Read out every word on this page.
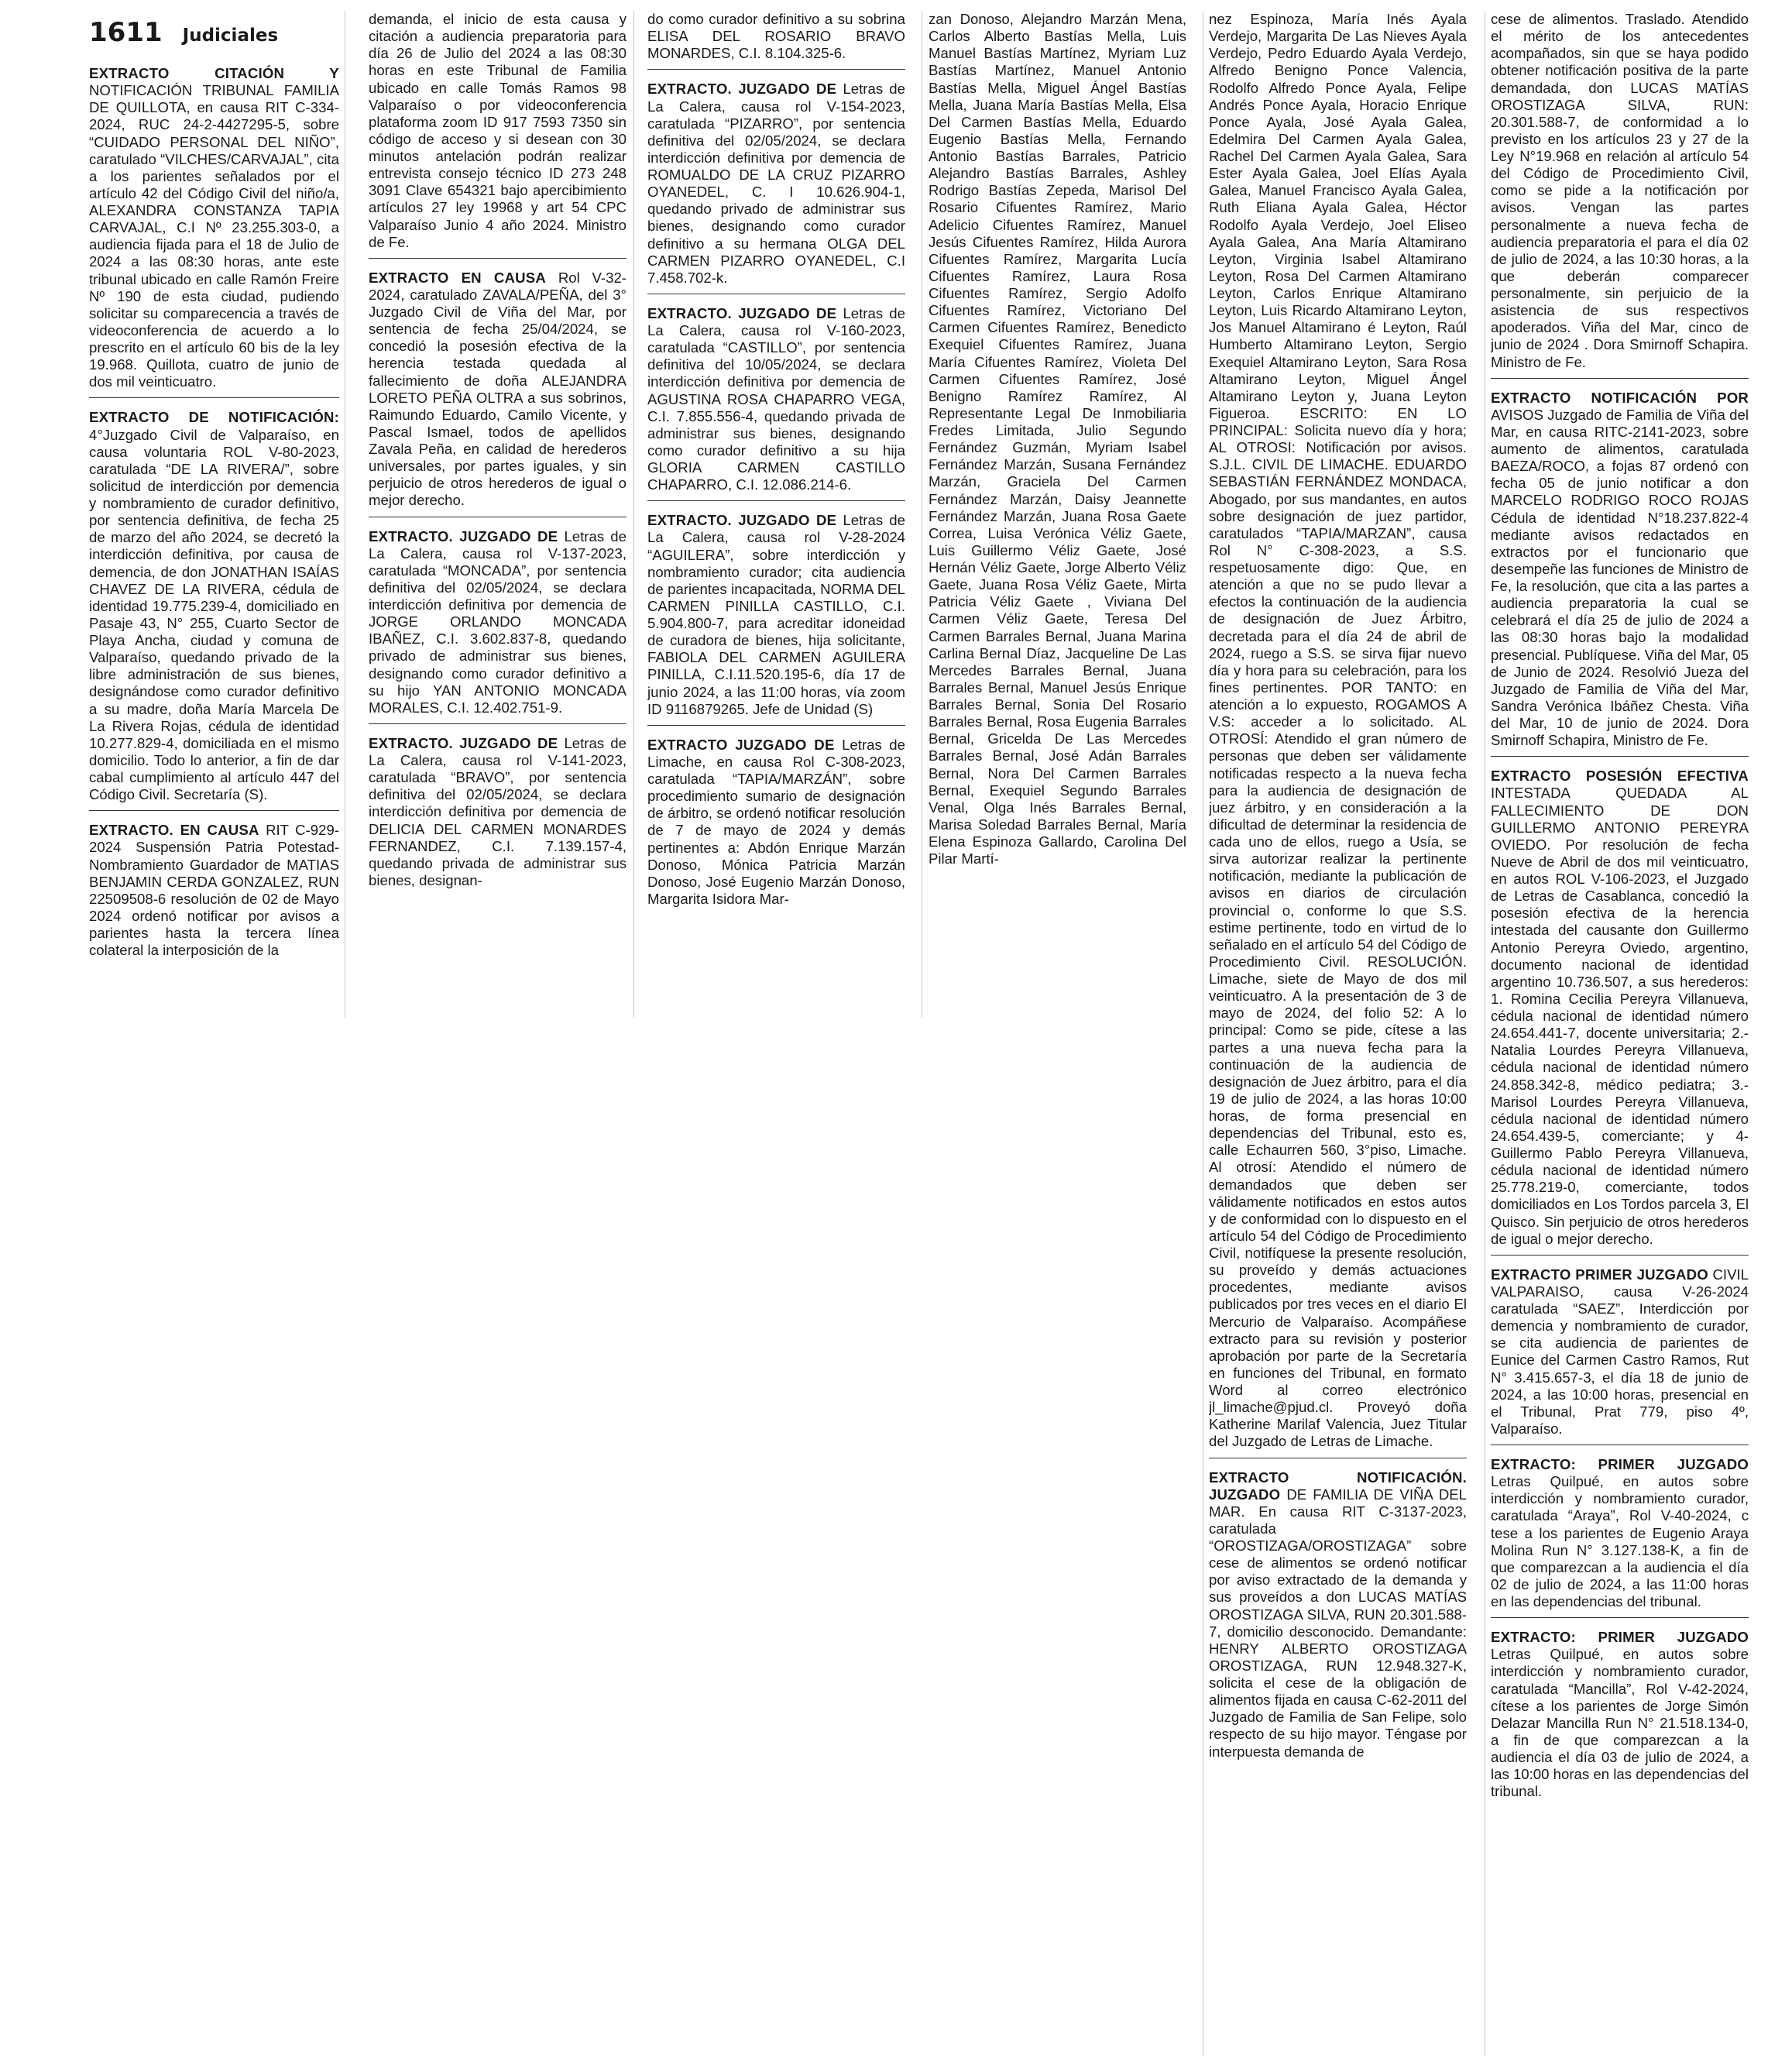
1611 Judiciales
EXTRACTO CITACIÓN Y NOTIFICACIÓN TRIBUNAL FAMILIA DE QUILLOTA, en causa RIT C-334-2024, RUC 24-2-4427295-5, sobre “CUIDADO PERSONAL DEL NIÑO”, caratulado “VILCHES/CARVAJAL”, cita a los parientes señalados por el artículo 42 del Código Civil del niño/a, ALEXANDRA CONSTANZA TAPIA CARVAJAL, C.I Nº 23.255.303-0, a audiencia fijada para el 18 de Julio de 2024 a las 08:30 horas, ante este tribunal ubicado en calle Ramón Freire Nº 190 de esta ciudad, pudiendo solicitar su comparecencia a través de videoconferencia de acuerdo a lo prescrito en el artículo 60 bis de la ley 19.968. Quillota, cuatro de junio de dos mil veinticuatro.
EXTRACTO DE NOTIFICACIÓN: 4°Juzgado Civil de Valparaíso, en causa voluntaria ROL V-80-2023, caratulada “DE LA RIVERA/”, sobre solicitud de interdicción por demencia y nombramiento de curador definitivo, por sentencia definitiva, de fecha 25 de marzo del año 2024, se decretó la interdicción definitiva, por causa de demencia, de don JONATHAN ISAÍAS CHAVEZ DE LA RIVERA, cédula de identidad 19.775.239-4, domiciliado en Pasaje 43, N° 255, Cuarto Sector de Playa Ancha, ciudad y comuna de Valparaíso, quedando privado de la libre administración de sus bienes, designándose como curador definitivo a su madre, doña María Marcela De La Rivera Rojas, cédula de identidad 10.277.829-4, domiciliada en el mismo domicilio. Todo lo anterior, a fin de dar cabal cumplimiento al artículo 447 del Código Civil. Secretaría (S).
EXTRACTO. EN CAUSA RIT C-929-2024 Suspensión Patria Potestad-Nombramiento Guardador de MATIAS BENJAMIN CERDA GONZALEZ, RUN 22509508-6 resolución de 02 de Mayo 2024 ordenó notificar por avisos a parientes hasta la tercera línea colateral la interposición de la
demanda, el inicio de esta causa y citación a audiencia preparatoria para día 26 de Julio del 2024 a las 08:30 horas en este Tribunal de Familia ubicado en calle Tomás Ramos 98 Valparaíso o por videoconferencia plataforma zoom ID 917 7593 7350 sin código de acceso y si desean con 30 minutos antelación podrán realizar entrevista consejo técnico ID 273 248 3091 Clave 654321 bajo apercibimiento artículos 27 ley 19968 y art 54 CPC Valparaíso Junio 4 año 2024. Ministro de Fe.
EXTRACTO EN CAUSA Rol V-32-2024, caratulado ZAVALA/PEÑA, del 3° Juzgado Civil de Viña del Mar, por sentencia de fecha 25/04/2024, se concedió la posesión efectiva de la herencia testada quedada al fallecimiento de doña ALEJANDRA LORETO PEÑA OLTRA a sus sobrinos, Raimundo Eduardo, Camilo Vicente, y Pascal Ismael, todos de apellidos Zavala Peña, en calidad de herederos universales, por partes iguales, y sin perjuicio de otros herederos de igual o mejor derecho.
EXTRACTO. JUZGADO DE Letras de La Calera, causa rol V-137-2023, caratulada “MONCADA”, por sentencia definitiva del 02/05/2024, se declara interdicción definitiva por demencia de JORGE ORLANDO MONCADA IBAÑEZ, C.I. 3.602.837-8, quedando privado de administrar sus bienes, designando como curador definitivo a su hijo YAN ANTONIO MONCADA MORALES, C.I. 12.402.751-9.
EXTRACTO. JUZGADO DE Letras de La Calera, causa rol V-141-2023, caratulada “BRAVO”, por sentencia definitiva del 02/05/2024, se declara interdicción definitiva por demencia de DELICIA DEL CARMEN MONARDES FERNANDEZ, C.I. 7.139.157-4, quedando privada de administrar sus bienes, designan-
do como curador definitivo a su sobrina ELISA DEL ROSARIO BRAVO MONARDES, C.I. 8.104.325-6.
EXTRACTO. JUZGADO DE Letras de La Calera, causa rol V-154-2023, caratulada “PIZARRO”, por sentencia definitiva del 02/05/2024, se declara interdicción definitiva por demencia de ROMUALDO DE LA CRUZ PIZARRO OYANEDEL, C. I 10.626.904-1, quedando privado de administrar sus bienes, designando como curador definitivo a su hermana OLGA DEL CARMEN PIZARRO OYANEDEL, C.I 7.458.702-k.
EXTRACTO. JUZGADO DE Letras de La Calera, causa rol V-160-2023, caratulada “CASTILLO”, por sentencia definitiva del 10/05/2024, se declara interdicción definitiva por demencia de AGUSTINA ROSA CHAPARRO VEGA, C.I. 7.855.556-4, quedando privada de administrar sus bienes, designando como curador definitivo a su hija GLORIA CARMEN CASTILLO CHAPARRO, C.I. 12.086.214-6.
EXTRACTO. JUZGADO DE Letras de La Calera, causa rol V-28-2024 “AGUILERA”, sobre interdicción y nombramiento curador; cita audiencia de parientes incapacitada, NORMA DEL CARMEN PINILLA CASTILLO, C.I. 5.904.800-7, para acreditar idoneidad de curadora de bienes, hija solicitante, FABIOLA DEL CARMEN AGUILERA PINILLA, C.I.11.520.195-6, día 17 de junio 2024, a las 11:00 horas, vía zoom ID 9116879265. Jefe de Unidad (S)
EXTRACTO JUZGADO DE Letras de Limache, en causa Rol C-308-2023, caratulada “TAPIA/MARZÁN”, sobre procedimiento sumario de designación de árbitro, se ordenó notificar resolución de 7 de mayo de 2024 y demás pertinentes a: Abdón Enrique Marzán Donoso, Mónica Patricia Marzán Donoso, José Eugenio Marzán Donoso, Margarita Isidora Mar-
zan Donoso, Alejandro Marzán Mena, Carlos Alberto Bastías Mella, Luis Manuel Bastías Martínez, Myriam Luz Bastías Martínez, Manuel Antonio Bastías Mella, Miguel Ángel Bastías Mella, Juana María Bastías Mella, Elsa Del Carmen Bastías Mella, Eduardo Eugenio Bastías Mella, Fernando Antonio Bastías Barrales, Patricio Alejandro Bastías Barrales, Ashley Rodrigo Bastías Zepeda, Marisol Del Rosario Cifuentes Ramírez, Mario Adelicio Cifuentes Ramírez, Manuel Jesús Cifuentes Ramírez, Hilda Aurora Cifuentes Ramírez, Margarita Lucía Cifuentes Ramírez, Laura Rosa Cifuentes Ramírez, Sergio Adolfo Cifuentes Ramírez, Victoriano Del Carmen Cifuentes Ramírez, Benedicto Exequiel Cifuentes Ramírez, Juana María Cifuentes Ramírez, Violeta Del Carmen Cifuentes Ramírez, José Benigno Ramírez Ramírez, Al Representante Legal De Inmobiliaria Fredes Limitada, Julio Segundo Fernández Guzmán, Myriam Isabel Fernández Marzán, Susana Fernández Marzán, Graciela Del Carmen Fernández Marzán, Daisy Jeannette Fernández Marzán, Juana Rosa Gaete Correa, Luisa Verónica Véliz Gaete, Luis Guillermo Véliz Gaete, José Hernán Véliz Gaete, Jorge Alberto Véliz Gaete, Juana Rosa Véliz Gaete, Mirta Patricia Véliz Gaete , Viviana Del Carmen Véliz Gaete, Teresa Del Carmen Barrales Bernal, Juana Marina Carlina Bernal Díaz, Jacqueline De Las Mercedes Barrales Bernal, Juana Barrales Bernal, Manuel Jesús Enrique Barrales Bernal, Sonia Del Rosario Barrales Bernal, Rosa Eugenia Barrales Bernal, Gricelda De Las Mercedes Barrales Bernal, José Adán Barrales Bernal, Nora Del Carmen Barrales Bernal, Exequiel Segundo Barrales Venal, Olga Inés Barrales Bernal, Marisa Soledad Barrales Bernal, María Elena Espinoza Gallardo, Carolina Del Pilar Martí-
nez Espinoza, María Inés Ayala Verdejo, Margarita De Las Nieves Ayala Verdejo, Pedro Eduardo Ayala Verdejo, Alfredo Benigno Ponce Valencia, Rodolfo Alfredo Ponce Ayala, Felipe Andrés Ponce Ayala, Horacio Enrique Ponce Ayala, José Ayala Galea, Edelmira Del Carmen Ayala Galea, Rachel Del Carmen Ayala Galea, Sara Ester Ayala Galea, Joel Elías Ayala Galea, Manuel Francisco Ayala Galea, Ruth Eliana Ayala Galea, Héctor Rodolfo Ayala Verdejo, Joel Eliseo Ayala Galea, Ana María Altamirano Leyton, Virginia Isabel Altamirano Leyton, Rosa Del Carmen Altamirano Leyton, Carlos Enrique Altamirano Leyton, Luis Ricardo Altamirano Leyton, Jos Manuel Altamirano é Leyton, Raúl Humberto Altamirano Leyton, Sergio Exequiel Altamirano Leyton, Sara Rosa Altamirano Leyton, Miguel Ángel Altamirano Leyton y, Juana Leyton Figueroa. ESCRITO: EN LO PRINCIPAL: Solicita nuevo día y hora; AL OTROSI: Notificación por avisos. S.J.L. CIVIL DE LIMACHE. EDUARDO SEBASTIÁN FERNÁNDEZ MONDACA, Abogado, por sus mandantes, en autos sobre designación de juez partidor, caratulados “TAPIA/MARZAN”, causa Rol N° C-308-2023, a S.S. respetuosamente digo: Que, en atención a que no se pudo llevar a efectos la continuación de la audiencia de designación de Juez Árbitro, decretada para el día 24 de abril de 2024, ruego a S.S. se sirva fijar nuevo día y hora para su celebración, para los fines pertinentes. POR TANTO: en atención a lo expuesto, ROGAMOS A V.S: acceder a lo solicitado. AL OTROSÍ: Atendido el gran número de personas que deben ser válidamente notificadas respecto a la nueva fecha para la audiencia de designación de juez árbitro, y en consideración a la dificultad de determinar la residencia de cada uno de ellos, ruego a Usía, se sirva autorizar realizar la pertinente notificación, mediante la publicación de avisos en diarios de circulación provincial o, conforme lo que S.S. estime pertinente, todo en virtud de lo señalado en el artículo 54 del Código de Procedimiento Civil. RESOLUCIÓN. Limache, siete de Mayo de dos mil veinticuatro. A la presentación de 3 de mayo de 2024, del folio 52: A lo principal: Como se pide, cítese a las partes a una nueva fecha para la continuación de la audiencia de designación de Juez árbitro, para el día 19 de julio de 2024, a las horas 10:00 horas, de forma presencial en dependencias del Tribunal, esto es, calle Echaurren 560, 3°piso, Limache. Al otrosí: Atendido el número de demandados que deben ser válidamente notificados en estos autos y de conformidad con lo dispuesto en el artículo 54 del Código de Procedimiento Civil, notifíquese la presente resolución, su proveído y demás actuaciones procedentes, mediante avisos publicados por tres veces en el diario El Mercurio de Valparaíso. Acompáñese extracto para su revisión y posterior aprobación por parte de la Secretaría en funciones del Tribunal, en formato Word al correo electrónico jl_limache@pjud.cl. Proveyó doña Katherine Marilaf Valencia, Juez Titular del Juzgado de Letras de Limache.
EXTRACTO NOTIFICACIÓN. JUZGADO DE FAMILIA DE VIÑA DEL MAR. En causa RIT C-3137-2023, caratulada “OROSTIZAGA/OROSTIZAGA” sobre cese de alimentos se ordenó notificar por aviso extractado de la demanda y sus proveídos a don LUCAS MATÍAS OROSTIZAGA SILVA, RUN 20.301.588-7, domicilio desconocido. Demandante: HENRY ALBERTO OROSTIZAGA OROSTIZAGA, RUN 12.948.327-K, solicita el cese de la obligación de alimentos fijada en causa C-62-2011 del Juzgado de Familia de San Felipe, solo respecto de su hijo mayor. Téngase por interpuesta demanda de
cese de alimentos. Traslado. Atendido el mérito de los antecedentes acompañados, sin que se haya podido obtener notificación positiva de la parte demandada, don LUCAS MATÍAS OROSTIZAGA SILVA, RUN: 20.301.588-7, de conformidad a lo previsto en los artículos 23 y 27 de la Ley N°19.968 en relación al artículo 54 del Código de Procedimiento Civil, como se pide a la notificación por avisos. Vengan las partes personalmente a nueva fecha de audiencia preparatoria el para el día 02 de julio de 2024, a las 10:30 horas, a la que deberán comparecer personalmente, sin perjuicio de la asistencia de sus respectivos apoderados. Viña del Mar, cinco de junio de 2024 . Dora Smirnoff Schapira. Ministro de Fe.
EXTRACTO NOTIFICACIÓN POR AVISOS Juzgado de Familia de Viña del Mar, en causa RITC-2141-2023, sobre aumento de alimentos, caratulada BAEZA/ROCO, a fojas 87 ordenó con fecha 05 de junio notificar a don MARCELO RODRIGO ROCO ROJAS Cédula de identidad N°18.237.822-4 mediante avisos redactados en extractos por el funcionario que desempeñe las funciones de Ministro de Fe, la resolución, que cita a las partes a audiencia preparatoria la cual se celebrará el día 25 de julio de 2024 a las 08:30 horas bajo la modalidad presencial. Publíquese. Viña del Mar, 05 de Junio de 2024. Resolvió Jueza del Juzgado de Familia de Viña del Mar, Sandra Verónica Ibáñez Chesta. Viña del Mar, 10 de junio de 2024. Dora Smirnoff Schapira, Ministro de Fe.
EXTRACTO POSESIÓN EFECTIVA INTESTADA QUEDADA AL FALLECIMIENTO DE DON GUILLERMO ANTONIO PEREYRA OVIEDO. Por resolución de fecha Nueve de Abril de dos mil veinticuatro, en autos ROL V-106-2023, el Juzgado de Letras de Casablanca, concedió la posesión efectiva de la herencia intestada del causante don Guillermo Antonio Pereyra Oviedo, argentino, documento nacional de identidad argentino 10.736.507, a sus herederos: 1. Romina Cecilia Pereyra Villanueva, cédula nacional de identidad número 24.654.441-7, docente universitaria; 2.-Natalia Lourdes Pereyra Villanueva, cédula nacional de identidad número 24.858.342-8, médico pediatra; 3.-Marisol Lourdes Pereyra Villanueva, cédula nacional de identidad número 24.654.439-5, comerciante; y 4-Guillermo Pablo Pereyra Villanueva, cédula nacional de identidad número 25.778.219-0, comerciante, todos domiciliados en Los Tordos parcela 3, El Quisco. Sin perjuicio de otros herederos de igual o mejor derecho.
EXTRACTO PRIMER JUZGADO CIVIL VALPARAISO, causa V-26-2024 caratulada “SAEZ”, Interdicción por demencia y nombramiento de curador, se cita audiencia de parientes de Eunice del Carmen Castro Ramos, Rut N° 3.415.657-3, el día 18 de junio de 2024, a las 10:00 horas, presencial en el Tribunal, Prat 779, piso 4º, Valparaíso.
EXTRACTO: PRIMER JUZGADO Letras Quilpué, en autos sobre interdicción y nombramiento curador, caratulada “Araya”, Rol V-40-2024, c tese a los parientes de Eugenio Araya Molina Run N° 3.127.138-K, a fin de que comparezcan a la audiencia el día 02 de julio de 2024, a las 11:00 horas en las dependencias del tribunal.
EXTRACTO: PRIMER JUZGADO Letras Quilpué, en autos sobre interdicción y nombramiento curador, caratulada “Mancilla”, Rol V-42-2024, cítese a los parientes de Jorge Simón Delazar Mancilla Run N° 21.518.134-0, a fin de que comparezcan a la audiencia el día 03 de julio de 2024, a las 10:00 horas en las dependencias del tribunal.
